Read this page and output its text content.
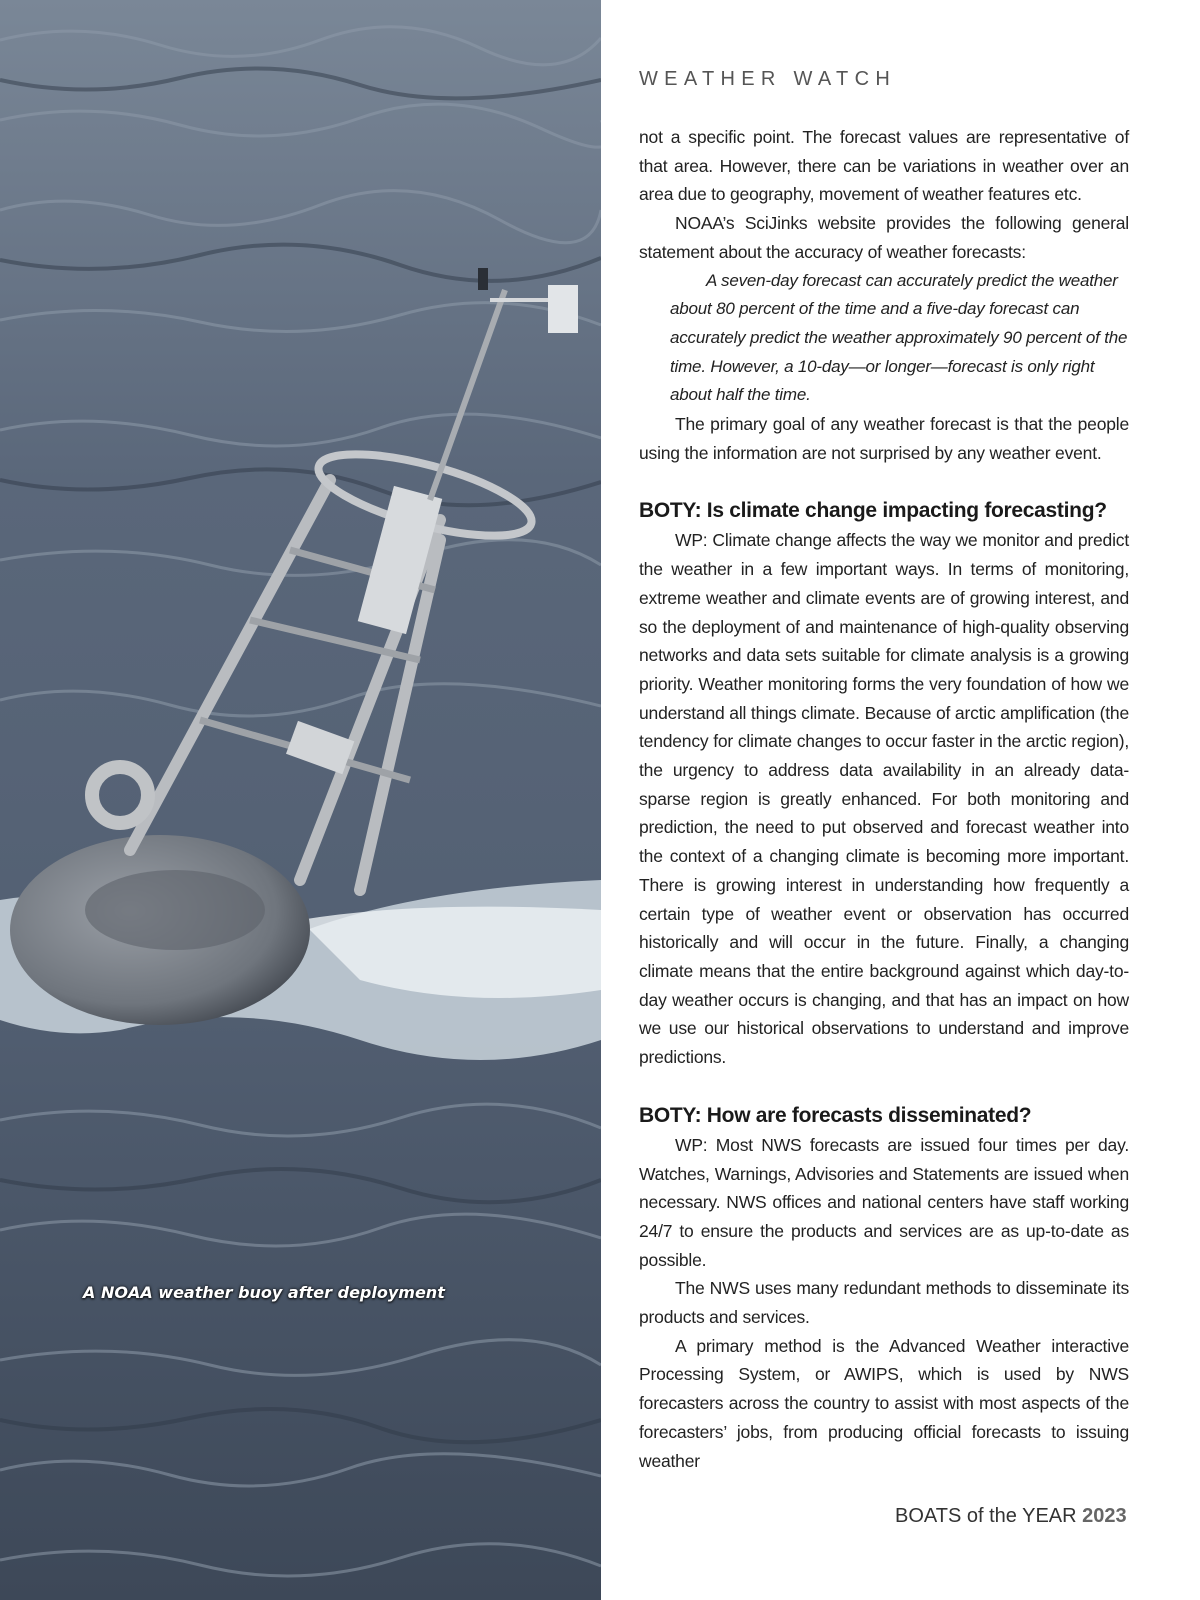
A NOAA weather buoy after deployment
WEATHER WATCH

not a specific point. The forecast values are representative of that area. However, there can be variations in weather over an area due to geography, movement of weather features etc.

NOAA’s SciJinks website provides the following general statement about the accuracy of weather forecasts:

A seven-day forecast can accurately predict the weather about 80 percent of the time and a five-day forecast can accurately predict the weather approximately 90 percent of the time. However, a 10-day—or longer—forecast is only right about half the time.

The primary goal of any weather forecast is that the people using the information are not surprised by any weather event.

BOTY: Is climate change impacting forecasting?

WP: Climate change affects the way we monitor and predict the weather in a few important ways. In terms of monitoring, extreme weather and climate events are of growing interest, and so the deployment of and maintenance of high-quality observing networks and data sets suitable for climate analysis is a growing priority. Weather monitoring forms the very foundation of how we understand all things climate. Because of arctic amplification (the tendency for climate changes to occur faster in the arctic region), the urgency to address data availability in an already data-sparse region is greatly enhanced. For both monitoring and prediction, the need to put observed and forecast weather into the context of a changing climate is becoming more important. There is growing interest in understanding how frequently a certain type of weather event or observation has occurred historically and will occur in the future. Finally, a changing climate means that the entire background against which day-to-day weather occurs is changing, and that has an impact on how we use our historical observations to understand and improve predictions.

BOTY: How are forecasts disseminated?

WP: Most NWS forecasts are issued four times per day. Watches, Warnings, Advisories and Statements are issued when necessary. NWS offices and national centers have staff working 24/7 to ensure the products and services are as up-to-date as possible.

The NWS uses many redundant methods to disseminate its products and services.

A primary method is the Advanced Weather interactive Processing System, or AWIPS, which is used by NWS forecasters across the country to assist with most aspects of the forecasters’ jobs, from producing official forecasts to issuing weather

BOATS of the YEAR 2023
